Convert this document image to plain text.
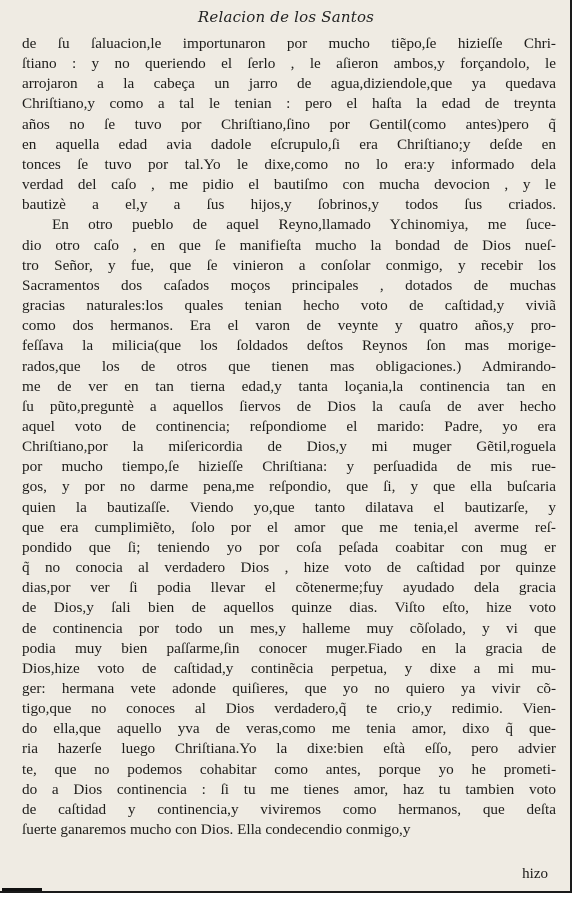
Relacion de los Santos
de ſu ſaluacion,le importunaron por mucho tiẽpo,ſe hizieſſe Chri-
ſtiano : y no queriendo el ſerlo , le aſieron ambos,y forçandolo, le
arrojaron a la cabeça un jarro de agua,diziendole,que ya quedava
Chriſtiano,y como a tal le tenian : pero el haſta la edad de treynta
años no ſe tuvo por Chriſtiano,ſino por Gentil(como antes)pero q̃
en aquella edad avia dadole eſcrupulo,ſi era Chriſtiano;y deſde en
tonces ſe tuvo por tal.Yo le dixe,como no lo era:y informado dela
verdad del caſo , me pidio el bautiſmo con mucha devocion , y le
bautizè a el,y a ſus hijos,y ſobrinos,y todos ſus criados.
En otro pueblo de aquel Reyno,llamado Ychinomiya, me ſuce-
dio otro caſo , en que ſe manifieſta mucho la bondad de Dios nueſ-
tro Señor, y fue, que ſe vinieron a conſolar conmigo, y recebir los
Sacramentos dos caſados moços principales , dotados de muchas
gracias naturales:los quales tenian hecho voto de caſtidad,y viviã
como dos hermanos. Era el varon de veynte y quatro años,y pro-
feſſava la milicia(que los ſoldados deſtos Reynos ſon mas morige-
rados,que los de otros que tienen mas obligaciones.) Admirando-
me de ver en tan tierna edad,y tanta loçania,la continencia tan en
ſu pũto,preguntè a aquellos ſiervos de Dios la cauſa de aver hecho
aquel voto de continencia; reſpondiome el marido: Padre, yo era
Chriſtiano,por la miſericordia de Dios,y mi muger Gẽtil,roguela
por mucho tiempo,ſe hizieſſe Chriſtiana: y perſuadida de mis rue-
gos, y por no darme pena,me reſpondio, que ſi, y que ella buſcaria
quien la bautizaſſe. Viendo yo,que tanto dilatava el bautizarſe, y
que era cumplimiẽto, ſolo por el amor que me tenia,el averme reſ-
pondido que ſi; teniendo yo por coſa peſada coabitar con mug er
q̃ no conocia al verdadero Dios , hize voto de caſtidad por quinze
dias,por ver ſi podia llevar el cõtenerme;fuy ayudado dela gracia
de Dios,y ſali bien de aquellos quinze dias. Viſto eſto, hize voto
de continencia por todo un mes,y halleme muy cõſolado, y vi que
podia muy bien paſſarme,ſin conocer muger.Fiado en la gracia de
Dios,hize voto de caſtidad,y continẽcia perpetua, y dixe a mi mu-
ger: hermana vete adonde quiſieres, que yo no quiero ya vivir cõ-
tigo,que no conoces al Dios verdadero,q̃ te crio,y redimio. Vien-
do ella,que aquello yva de veras,como me tenia amor, dixo q̃ que-
ria hazerſe luego Chriſtiana.Yo la dixe:bien eſtà eſſo, pero advier
te, que no podemos cohabitar como antes, porque yo he prometi-
do a Dios continencia : ſi tu me tienes amor, haz tu tambien voto
de caſtidad y continencia,y viviremos como hermanos, que deſta
ſuerte ganaremos mucho con Dios. Ella condecendio conmigo,y
hizo
